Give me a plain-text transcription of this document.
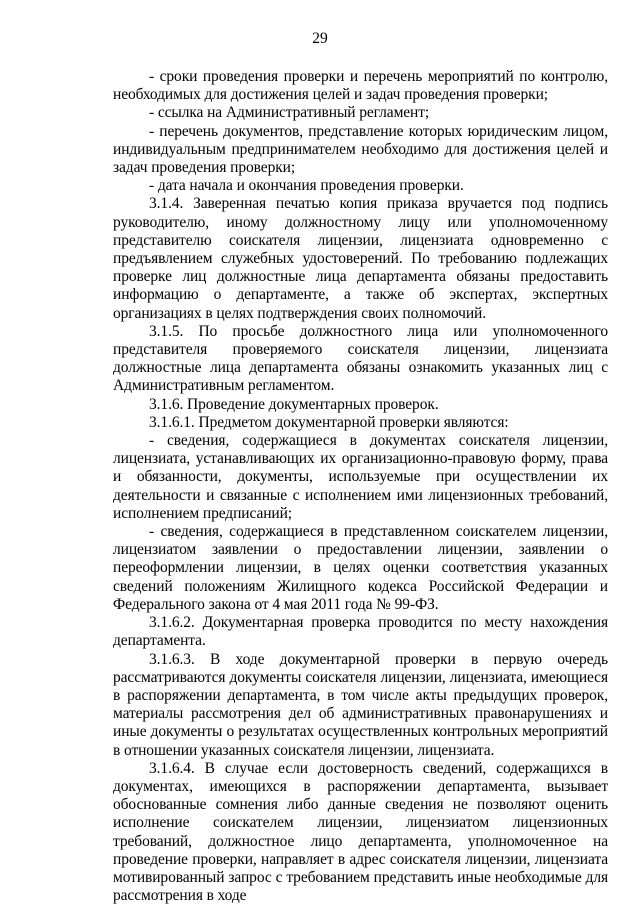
29

- сроки проведения проверки и перечень мероприятий по контролю, необходимых для достижения целей и задач проведения проверки;

- ссылка на Административный регламент;

- перечень документов, представление которых юридическим лицом, индивидуальным предпринимателем необходимо для достижения целей и задач проведения проверки;

- дата начала и окончания проведения проверки.

3.1.4. Заверенная печатью копия приказа вручается под подпись руководителю, иному должностному лицу или уполномоченному представителю соискателя лицензии, лицензиата одновременно с предъявлением служебных удостоверений. По требованию подлежащих проверке лиц должностные лица департамента обязаны предоставить информацию о департаменте, а также об экспертах, экспертных организациях в целях подтверждения своих полномочий.

3.1.5. По просьбе должностного лица или уполномоченного представителя проверяемого соискателя лицензии, лицензиата должностные лица департамента обязаны ознакомить указанных лиц с Административным регламентом.

3.1.6. Проведение документарных проверок.

3.1.6.1. Предметом документарной проверки являются:

- сведения, содержащиеся в документах соискателя лицензии, лицензиата, устанавливающих их организационно-правовую форму, права и обязанности, документы, используемые при осуществлении их деятельности и связанные с исполнением ими лицензионных требований, исполнением предписаний;

- сведения, содержащиеся в представленном соискателем лицензии, лицензиатом заявлении о предоставлении лицензии, заявлении о переоформлении лицензии, в целях оценки соответствия указанных сведений положениям Жилищного кодекса Российской Федерации и Федерального закона от 4 мая 2011 года № 99-ФЗ.

3.1.6.2. Документарная проверка проводится по месту нахождения департамента.

3.1.6.3. В ходе документарной проверки в первую очередь рассматриваются документы соискателя лицензии, лицензиата, имеющиеся в распоряжении департамента, в том числе акты предыдущих проверок, материалы рассмотрения дел об административных правонарушениях и иные документы о результатах осуществленных контрольных мероприятий в отношении указанных соискателя лицензии, лицензиата.

3.1.6.4. В случае если достоверность сведений, содержащихся в документах, имеющихся в распоряжении департамента, вызывает обоснованные сомнения либо данные сведения не позволяют оценить исполнение соискателем лицензии, лицензиатом лицензионных требований, должностное лицо департамента, уполномоченное на проведение проверки, направляет в адрес соискателя лицензии, лицензиата мотивированный запрос с требованием представить иные необходимые для рассмотрения в ходе
